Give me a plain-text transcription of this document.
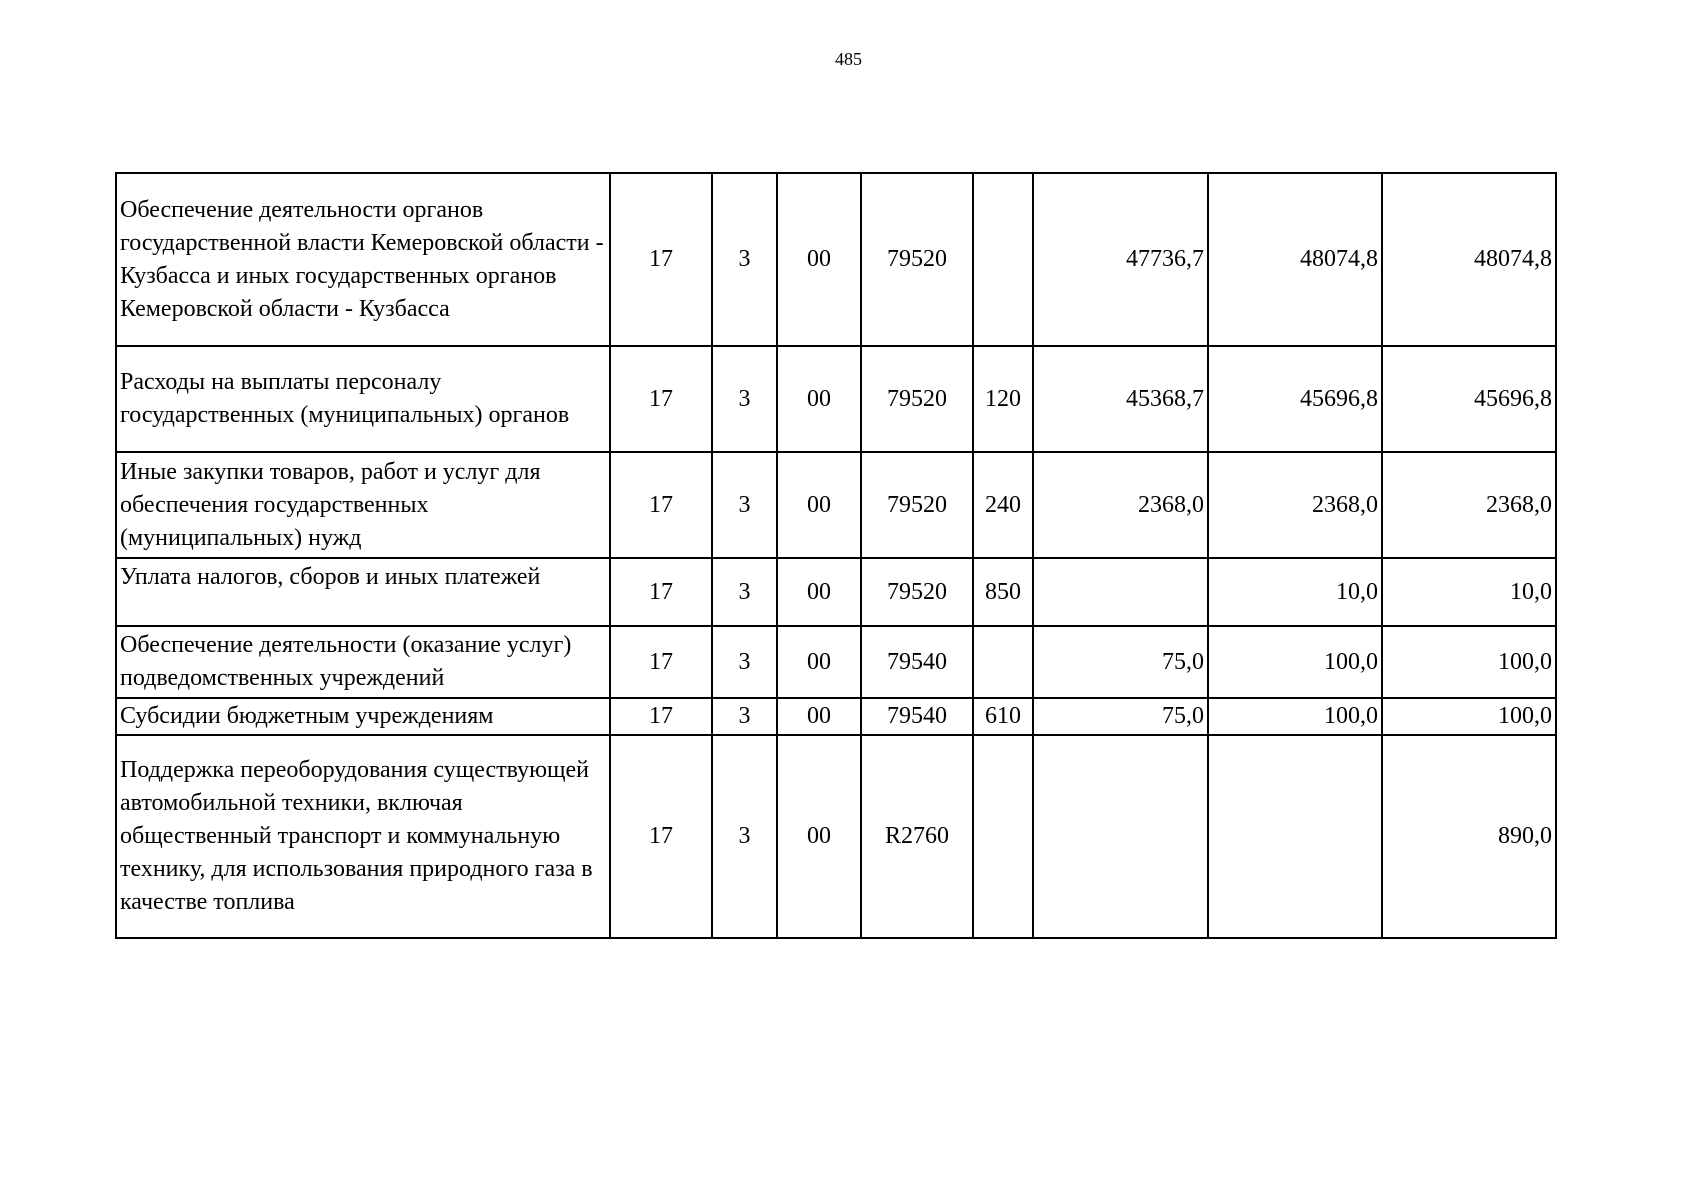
485
Обеспечение деятельности органов государственной власти Кемеровской области - Кузбасса и иных государственных органов Кемеровской области - Кузбасса	17	3	00	79520		47736,7	48074,8	48074,8
Расходы на выплаты персоналу государственных (муниципальных) органов	17	3	00	79520	120	45368,7	45696,8	45696,8
Иные закупки товаров, работ и услуг для обеспечения государственных (муниципальных) нужд	17	3	00	79520	240	2368,0	2368,0	2368,0
Уплата налогов, сборов и иных платежей	17	3	00	79520	850		10,0	10,0
Обеспечение деятельности (оказание услуг) подведомственных учреждений	17	3	00	79540		75,0	100,0	100,0
Субсидии бюджетным учреждениям	17	3	00	79540	610	75,0	100,0	100,0
Поддержка переоборудования существующей автомобильной техники, включая общественный транспорт и коммунальную технику, для использования природного газа в качестве топлива	17	3	00	R2760				890,0
